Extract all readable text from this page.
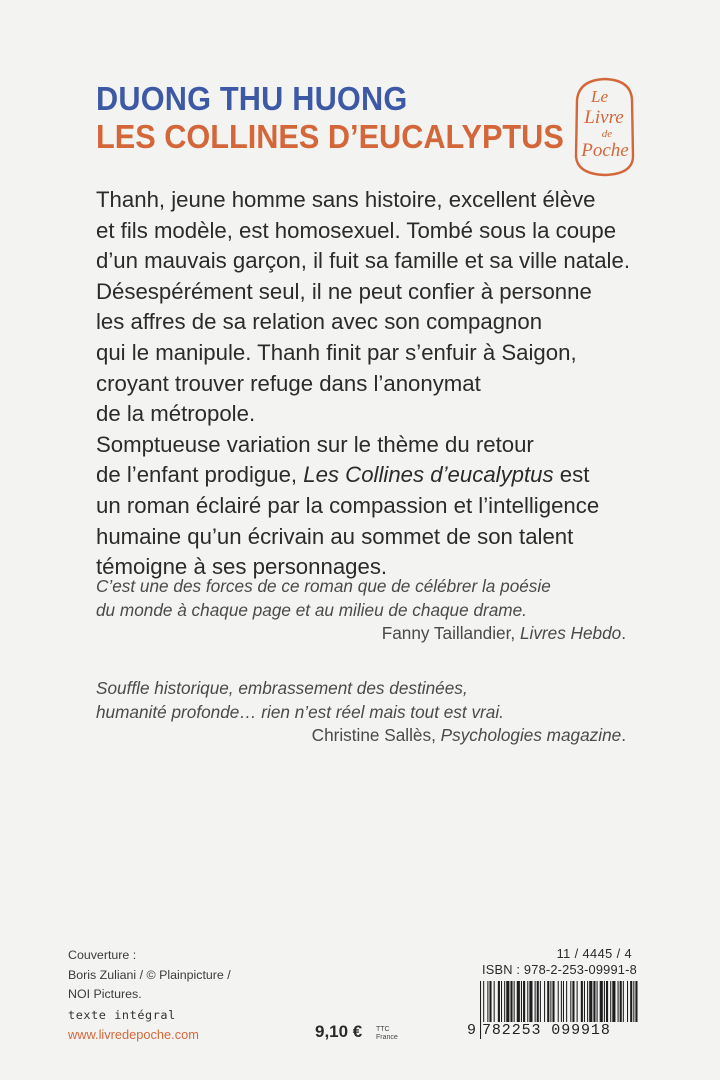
DUONG THU HUONG
LES COLLINES D’EUCALYPTUS
Le
Livre
de
Poche
Thanh, jeune homme sans histoire, excellent élève
et fils modèle, est homosexuel. Tombé sous la coupe
d’un mauvais garçon, il fuit sa famille et sa ville natale.
Désespérément seul, il ne peut confier à personne
les affres de sa relation avec son compagnon
qui le manipule. Thanh finit par s’enfuir à Saigon,
croyant trouver refuge dans l’anonymat
de la métropole.
Somptueuse variation sur le thème du retour
de l’enfant prodigue, Les Collines d’eucalyptus est
un roman éclairé par la compassion et l’intelligence
humaine qu’un écrivain au sommet de son talent
témoigne à ses personnages.
C’est une des forces de ce roman que de célébrer la poésie
du monde à chaque page et au milieu de chaque drame.
Fanny Taillandier, Livres Hebdo.
Souffle historique, embrassement des destinées,
humanité profonde… rien n’est réel mais tout est vrai.
Christine Sallès, Psychologies magazine.
Couverture :
Boris Zuliani / © Plainpicture /
NOI Pictures.
texte intégral
www.livredepoche.com	9,10 € TTC
France
11 / 4445 / 4
ISBN : 978-2-253-09991-8
9 782253 099918
